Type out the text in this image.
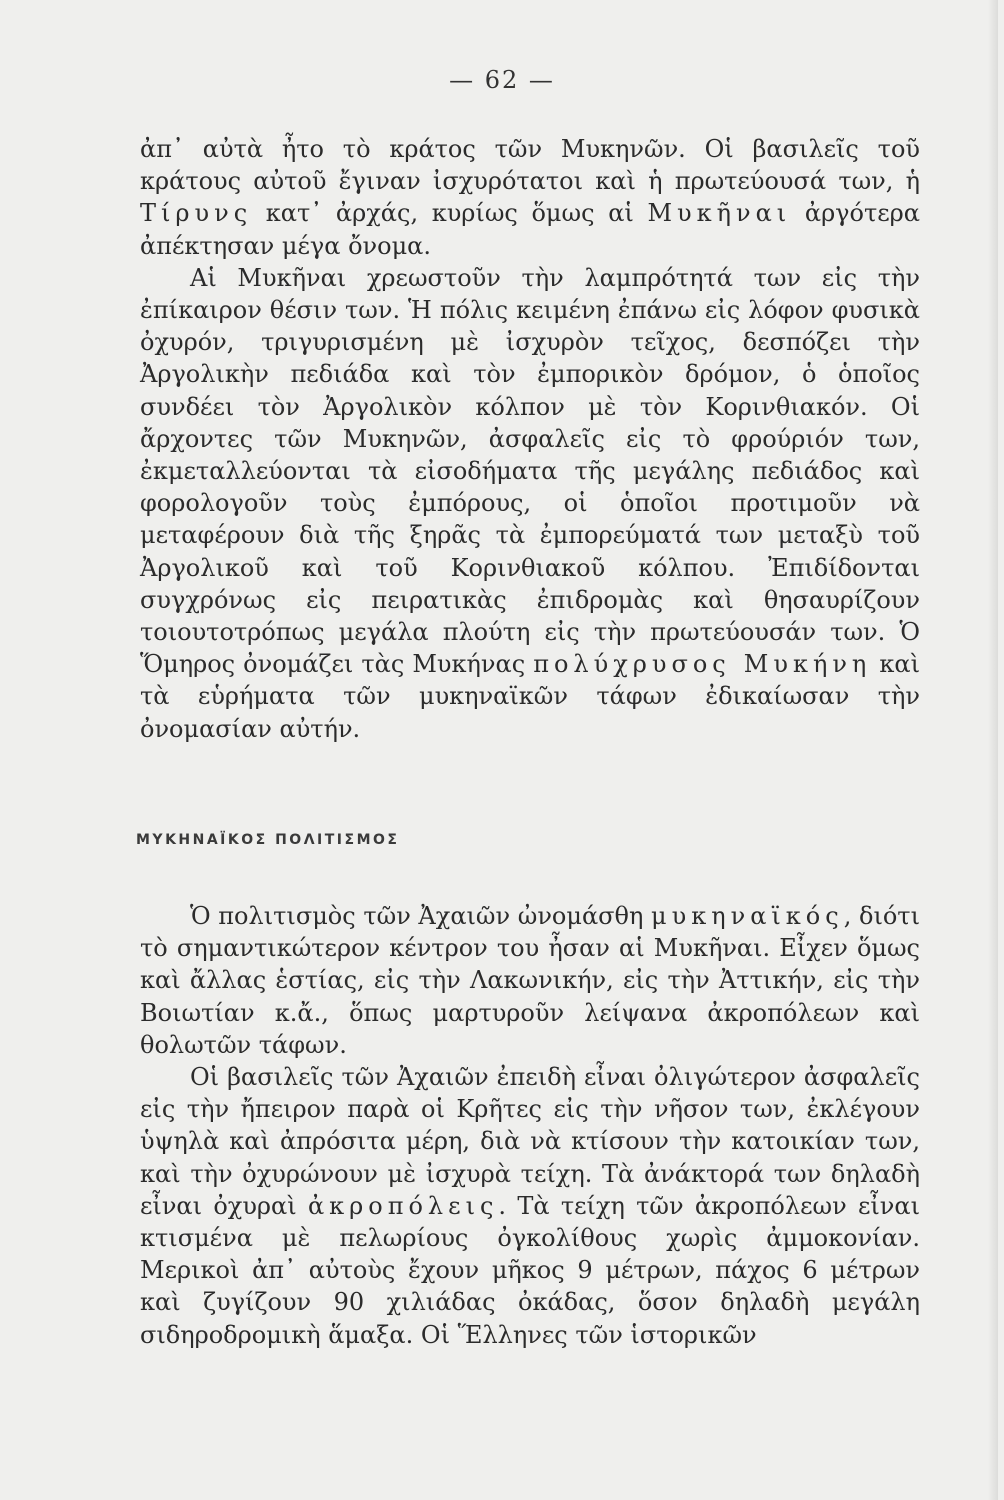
— 62 —

ἀπ᾽ αὐτὰ ἦτο τὸ κράτος τῶν Μυκηνῶν. Οἱ βασιλεῖς τοῦ κράτους αὐτοῦ ἔγιναν ἰσχυρότατοι καὶ ἡ πρωτεύουσά των, ἡ Τίρυνς κατ᾽ ἀρχάς, κυρίως ὅμως αἱ Μυκῆναι ἀργότερα ἀπέκτησαν μέγα ὄνομα.

Αἱ Μυκῆναι χρεωστοῦν τὴν λαμπρότητά των εἰς τὴν ἐπίκαιρον θέσιν των. Ἡ πόλις κειμένη ἐπάνω εἰς λόφον φυσικὰ ὀχυρόν, τριγυρισμένη μὲ ἰσχυρὸν τεῖχος, δεσπόζει τὴν Ἀργολικὴν πεδιάδα καὶ τὸν ἐμπορικὸν δρόμον, ὁ ὁποῖος συνδέει τὸν Ἀργολικὸν κόλπον μὲ τὸν Κορινθιακόν. Οἱ ἄρχοντες τῶν Μυκηνῶν, ἀσφαλεῖς εἰς τὸ φρούριόν των, ἐκμεταλλεύονται τὰ εἰσοδήματα τῆς μεγάλης πεδιάδος καὶ φορολογοῦν τοὺς ἐμπόρους, οἱ ὁποῖοι προτιμοῦν νὰ μεταφέρουν διὰ τῆς ξηρᾶς τὰ ἐμπορεύματά των μεταξὺ τοῦ Ἀργολικοῦ καὶ τοῦ Κορινθιακοῦ κόλπου. Ἐπιδίδονται συγχρόνως εἰς πειρατικὰς ἐπιδρομὰς καὶ θησαυρίζουν τοιουτοτρόπως μεγάλα πλούτη εἰς τὴν πρωτεύουσάν των. Ὁ Ὅμηρος ὀνομάζει τὰς Μυκήνας πολύχρυσος Μυκήνη καὶ τὰ εὑρήματα τῶν μυκηναϊκῶν τάφων ἐδικαίωσαν τὴν ὀνομασίαν αὐτήν.

ΜΥΚΗΝΑΪΚΟΣ ΠΟΛΙΤΙΣΜΟΣ

Ὁ πολιτισμὸς τῶν Ἀχαιῶν ὠνομάσθη μυκηναϊκός, διότι τὸ σημαντικώτερον κέντρον του ἦσαν αἱ Μυκῆναι. Εἶχεν ὅμως καὶ ἄλλας ἑστίας, εἰς τὴν Λακωνικήν, εἰς τὴν Ἀττικήν, εἰς τὴν Βοιωτίαν κ.ἄ., ὅπως μαρτυροῦν λείψανα ἀκροπόλεων καὶ θολωτῶν τάφων.

Οἱ βασιλεῖς τῶν Ἀχαιῶν ἐπειδὴ εἶναι ὀλιγώτερον ἀσφαλεῖς εἰς τὴν ἤπειρον παρὰ οἱ Κρῆτες εἰς τὴν νῆσον των, ἐκλέγουν ὑψηλὰ καὶ ἀπρόσιτα μέρη, διὰ νὰ κτίσουν τὴν κατοικίαν των, καὶ τὴν ὀχυρώνουν μὲ ἰσχυρὰ τείχη. Τὰ ἀνάκτορά των δηλαδὴ εἶναι ὀχυραὶ ἀκροπόλεις. Τὰ τείχη τῶν ἀκροπόλεων εἶναι κτισμένα μὲ πελωρίους ὀγκολίθους χωρὶς ἀμμοκονίαν. Μερικοὶ ἀπ᾽ αὐτοὺς ἔχουν μῆκος 9 μέτρων, πάχος 6 μέτρων καὶ ζυγίζουν 90 χιλιάδας ὀκάδας, ὅσον δηλαδὴ μεγάλη σιδηροδρομικὴ ἅμαξα. Οἱ Ἕλληνες τῶν ἱστορικῶν
